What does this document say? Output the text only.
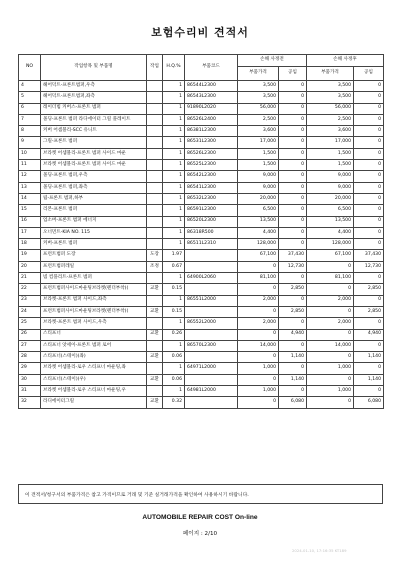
보험수리비 견적서
NO	작업항목 및 부품명	작업	H.Q.%	부품코드	손해 사정전		손해 사정후	
					부품가격	공임	부품가격	공임
4	헤어덕트-프론트범퍼,우측		1	86544L2300	3,500	0	3,500	0
5	헤어덕트-프론트범퍼,좌측		1	86543L2300	3,500	0	3,500	0
6	레이더빔 커버스-프론트 범퍼		1	91890L2020	56,000	0	56,000	0
7	몰딩-프론트 범퍼 라디에이터 그릴 플레이트		1	86526L2400	2,500	0	2,500	0
8	커버 어셈블리-SCC 유니트		1	86381L2300	3,600	0	3,600	0
9	그릴-프론트 범퍼		1	86531L2300	17,000	0	17,000	0
10	브라켓 어셈블리-프론트 범퍼 사이드 마운		1	86526L2300	1,500	0	1,500	0
11	브라켓 어셈블리-프론트 범퍼 사이드 마운		1	86525L2300	1,500	0	1,500	0
12	몰딩-프론트 범퍼,우측		1	86542L2300	9,000	0	9,000	0
13	몰딩-프론트 범퍼,좌측		1	86541L2300	9,000	0	9,000	0
14	립-프론트 범퍼,하부		1	86532L2300	20,000	0	20,000	0
15	리본-프론트 범퍼		1	86591L2300	6,500	0	6,500	0
16	업소버-프론트 범퍼 에너지		1	86520L2300	13,500	0	13,500	0
17	오너먼트-KIA NO. 115		1	86318R500	4,400	0	4,400	0
18	커버-프론트 범퍼		1	86511L2310	128,000	0	128,000	0
19	프런트범퍼 도장	도장	1.97		67,100	37,430	67,100	37,430
20	프런트범퍼레일	조정	0.67		0	12,730	0	12,730
21	빔 컴플리트-프론트 범퍼		1	64900L2060	81,100	0	81,100	0
22	프런트범퍼사이드마운팅브라켓(펜더부착)(	교환	0.15		0	2,850	0	2,850
23	브라켓-프론트 범퍼 사이드,좌측		1	86551L2000	2,000	0	2,000	0
24	프런트범퍼사이드마운팅브라켓(펜더부착)(	교환	0.15		0	2,850	0	2,850
25	브라켓-프론트 범퍼 사이드,우측		1	86552L2000	2,000	0	2,000	0
26	스티프너	교환	0.26		0	4,940	0	4,940
27	스티프너 앗세이-프론트 범퍼 로어		1	86570L2300	14,000	0	14,000	0
28	스티프너(스테이)(좌)	교환	0.06		0	1,140	0	1,140
29	브라켓 어셈블리-로우 스티프너 마운팅,좌		1	64971L2000	1,000	0	1,000	0
30	스티프너(스테이)(우)	교환	0.06		0	1,140	0	1,140
31	브라켓 어셈블리-로우 스티프너 마운팅,우		1	64981L2000	1,000	0	1,000	0
32	라디에이터그릴	교환	0.32		0	6,080	0	6,080
이 견적서/청구서의 부품가격은 참고 가격이므로 거래 및 기준 실거래가격을 확인하여 사용하시기 바랍니다.
AUTOMOBILE REPAIR COST On-line
페이지 : 2/10
2024-01-10, 17:16:35 KT189
